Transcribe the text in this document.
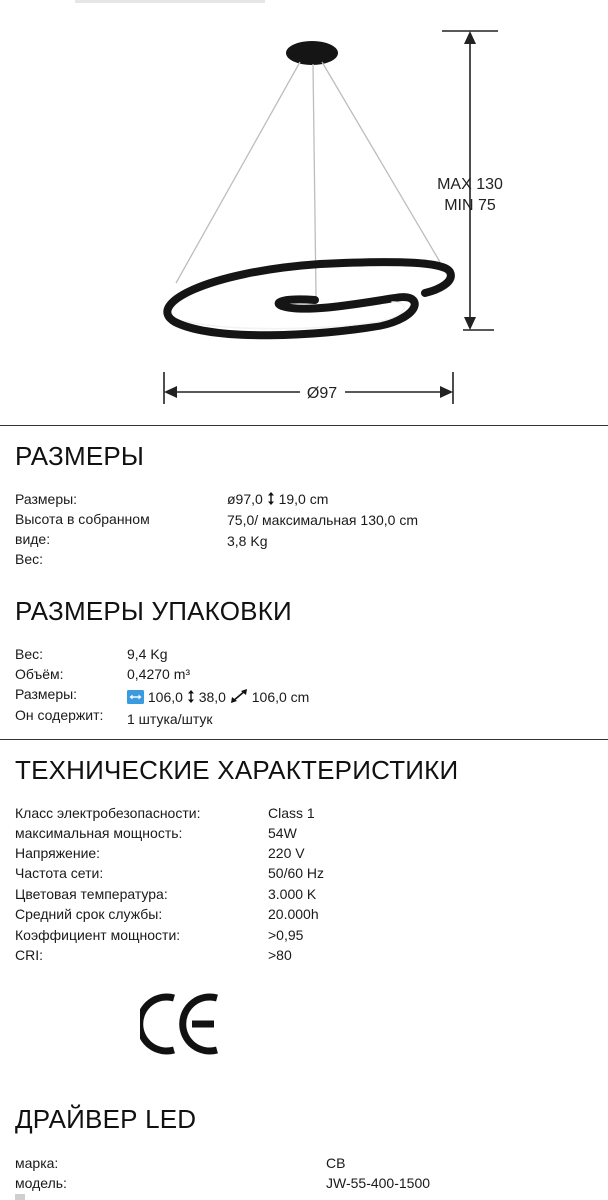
MAX 130
MIN 75
Ø97
РАЗМЕРЫ
Размеры:
Высота в собранном
виде:
Вес:
ø97,0 19,0 cm
75,0/ максимальная 130,0 cm
3,8 Kg
РАЗМЕРЫ УПАКОВКИ
Вес:
Объём:
Размеры:
Он содержит:
9,4 Kg
0,4270 m³
106,0 38,0 106,0 cm
1 штука/штук
ТЕХНИЧЕСКИЕ ХАРАКТЕРИСТИКИ
Класс электробезопасности:
максимальная мощность:
Напряжение:
Частота сети:
Цветовая температура:
Средний срок службы:
Коэффициент мощности:
CRI:
Class 1
54W
220 V
50/60 Hz
3.000 K
20.000h
>0,95
>80
ДРАЙВЕР LED
марка:
модель:
CB
JW-55-400-1500
